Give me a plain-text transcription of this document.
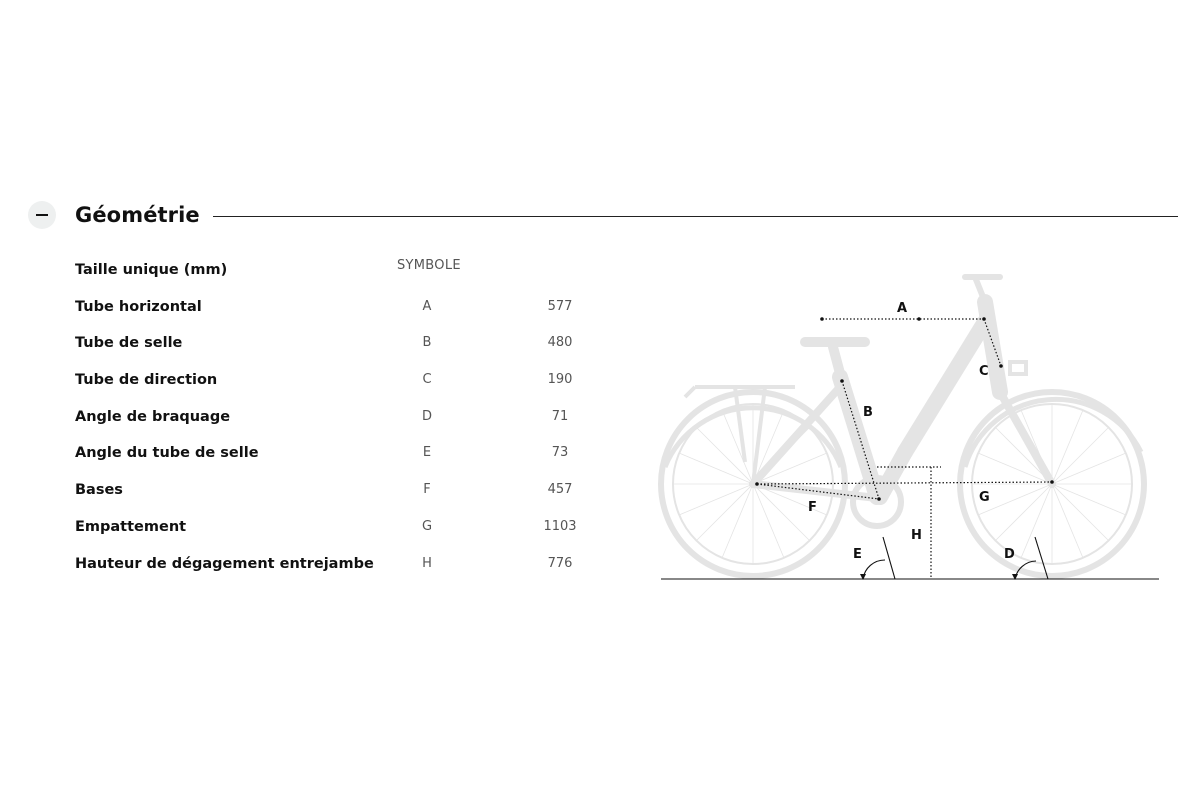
Géométrie
Taille unique (mm)	SYMBOLE
Tube horizontal	A	577
Tube de selle	B	480
Tube de direction	C	190
Angle de braquage	D	71
Angle du tube de selle	E	73
Bases	F	457
Empattement	G	1103
Hauteur de dégagement entrejambe	H	776
A
B
C
D
E
F
G
H
